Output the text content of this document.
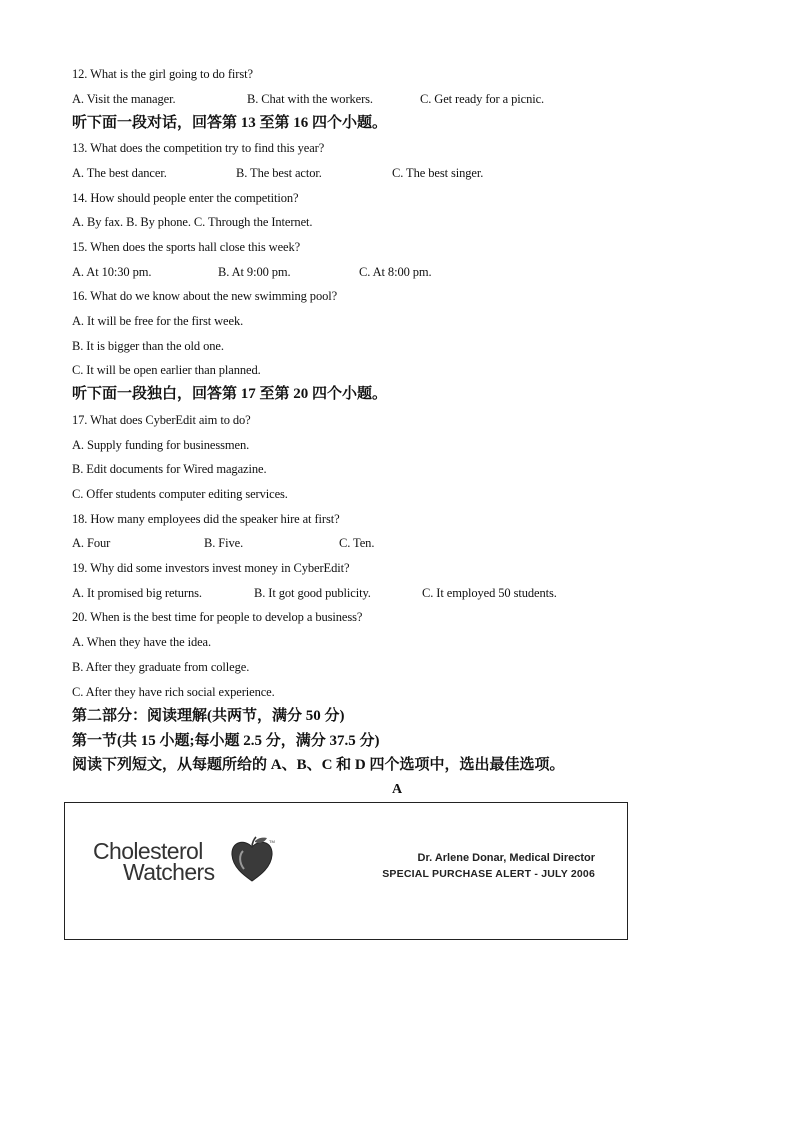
12. What is the girl going to do first?
A. Visit the manager.	B. Chat with the workers.	C. Get ready for a picnic.
听下面一段对话，回答第 13 至第 16 四个小题。
13. What does the competition try to find this year?
A. The best dancer.	B. The best actor.	C. The best singer.
14. How should people enter the competition?
A. By fax. B. By phone. C. Through the Internet.
15. When does the sports hall close this week?
A. At 10:30 pm.	B. At 9:00 pm.	C. At 8:00 pm.
16. What do we know about the new swimming pool?
A. It will be free for the first week.
B. It is bigger than the old one.
C. It will be open earlier than planned.
听下面一段独白，回答第 17 至第 20 四个小题。
17. What does CyberEdit aim to do?
A. Supply funding for businessmen.
B. Edit documents for Wired magazine.
C. Offer students computer editing services.
18. How many employees did the speaker hire at first?
A. Four	B. Five.	C. Ten.
19. Why did some investors invest money in CyberEdit?
A. It promised big returns.	B. It got good publicity.	C. It employed 50 students.
20. When is the best time for people to develop a business?
A. When they have the idea.
B. After they graduate from college.
C. After they have rich social experience.
第二部分：阅读理解(共两节，满分 50 分)
第一节(共 15 小题;每小题 2.5 分，满分 37.5 分)
阅读下列短文，从每题所给的 A、B、C 和 D 四个选项中，选出最佳选项。
A
Cholesterol
Watchers
TM
Dr. Arlene Donar, Medical Director
SPECIAL PURCHASE ALERT - JULY 2006
